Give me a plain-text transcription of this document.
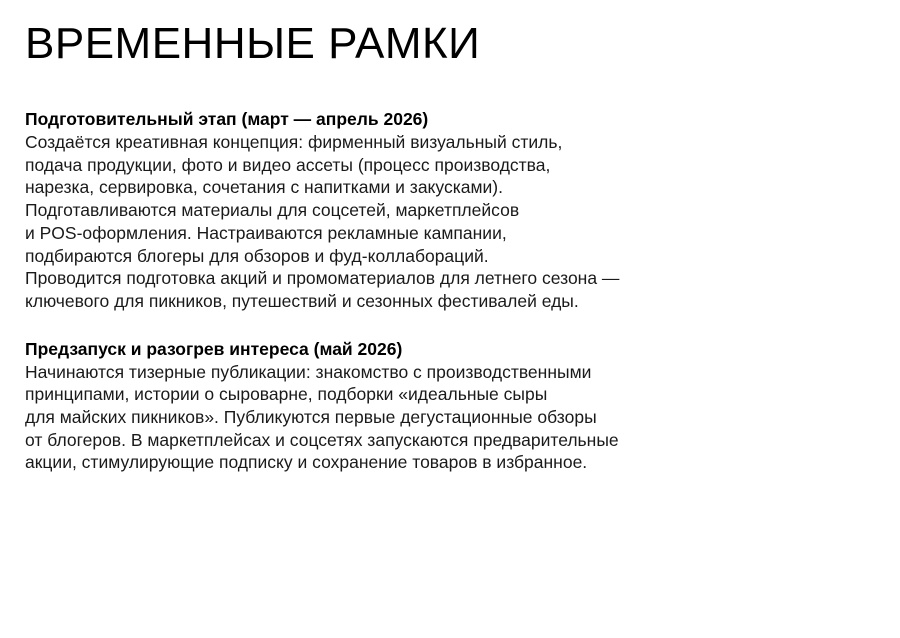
ВРЕМЕННЫЕ РАМКИ

Подготовительный этап (март — апрель 2026)

Создаётся креативная концепция: фирменный визуальный стиль,

подача продукции, фото и видео ассеты (процесс производства,

нарезка, сервировка, сочетания с напитками и закусками).

Подготавливаются материалы для соцсетей, маркетплейсов

и POS-оформления. Настраиваются рекламные кампании,

подбираются блогеры для обзоров и фуд-коллабораций.

Проводится подготовка акций и промоматериалов для летнего сезона —

ключевого для пикников, путешествий и сезонных фестивалей еды.

Предзапуск и разогрев интереса (май 2026)

Начинаются тизерные публикации: знакомство с производственными

принципами, истории о сыроварне, подборки «идеальные сыры

для майских пикников». Публикуются первые дегустационные обзоры

от блогеров. В маркетплейсах и соцсетях запускаются предварительные

акции, стимулирующие подписку и сохранение товаров в избранное.
